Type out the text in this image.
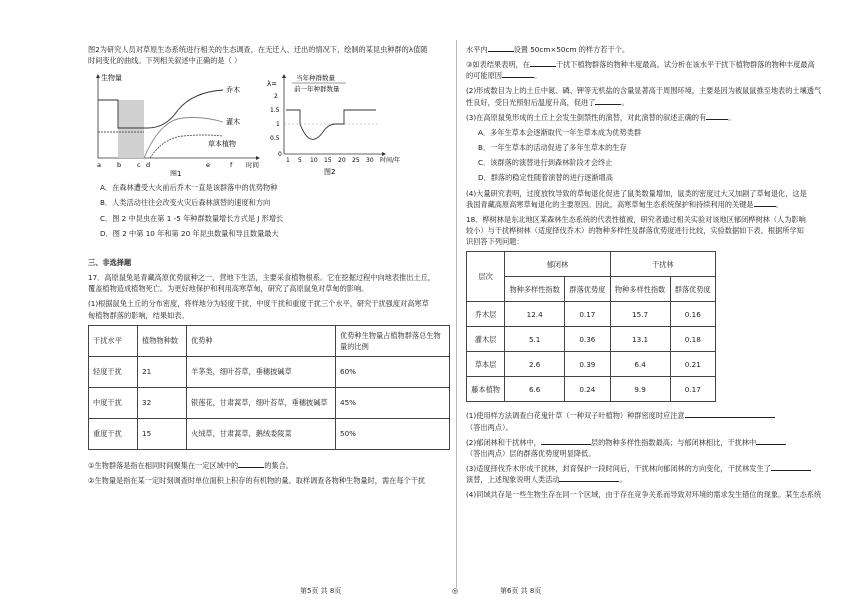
图2为研究人员对草原生态系统进行相关的生态调查，在无迁入、迁出的情况下，绘制的某昆虫种群的λ值随
时间变化的曲线。下列相关叙述中正确的是（ ）

生物量
乔木
灌木
草本植物
a b c d	e	f 时间
图1
λ=
当年种群数量
前一年种群数量
2
1.5
1
0.5
0
1 5 10 15 20 25 30 时间/年
图2

A．在森林遭受大火前后乔木一直是该群落中的优势物种

B．人类活动往往会改变火灾后森林演替的速度和方向

C．图 2 中昆虫在第 1 -5 年种群数量增长方式是 J 形增长

D．图 2 中第 10 年和第 20 年昆虫数量和导且数量最大

三、非选择题

17．高原鼠兔是青藏高原优势鼠种之一，营地下生活，主要采食植物根系。它在挖掘过程中向地表推出土丘，
覆盖植物造成植物死亡。为更好地保护和利用高寒草甸，研究了高原鼠兔对草甸的影响。

(1)根据鼠兔土丘的分布密度，将样地分为轻度干扰、中度干扰和重度干扰三个水平，研究干扰强度对高寒草
甸植物群落的影响，结果如表。

干扰水平	植物物种数	优势种	优势种生物量占植物群落总生物量的比例
轻度干扰	21	羊茅类，细叶苔草，垂穗披碱草	60%
中度干扰	32	银莲花，甘肃蒿草，细叶苔草，垂穗披碱草	45%
重度干扰	15	火绒草，甘肃蒿草，鹅绒委陵菜	50%

①生物群落是指在相同时间聚集在一定区域中的	的集合。

②生物量是指在某一定时刻调查时单位面积上积存的有机物的量。取样调查各物种生物量时，需在每个干扰

水平内	设置 50cm×50cm 的样方若干个。

③如表结果表明，在	干扰下植物群落的物种丰度最高。试分析在该水平干扰下植物群落的物种丰度最高
的可能原因	。

(2)形成数目为上的土丘中氮、磷、钾等无机盐的含量显著高于周围环境，主要是因为被鼠鼠推至地表的土壤透气
性良好，受日光照射后温度升高，促进了	。

(3)在高原鼠兔形成的土丘上会发生倒禁性的演替，对此演替的叙述正确的有	。

A．多年生草本会逐渐取代一年生草本成为优势类群

B．一年生草本的活动促进了多年生草本的生存

C．该群落的演替进行到森林阶段才会终止

D．群落的稳定性随着演替的进行逐渐增高

(4)大量研究表明，过度放牧导致的草甸退化促进了鼠类数量增加，鼠类的密度过大又加剧了草甸退化，这是
我国青藏高原高寒草甸退化的主要原因。因此，高寒草甸生态系统保护和持续利用的关键是	。

18．桦树林是东北地区某森林生态系统的代表性植被，研究者通过相关实验对该地区郁闭桦树林（人为影响
较小）与干扰桦树林（适度择伐乔木）的物种多样性及群落优势度进行比较，实验数据如下表。根据所学知
识回答下列问题：

层次	郁闭林		干扰林	
	物种多样性指数	群落优势度	物种多样性指数	群落优势度
乔木层	12.4	0.17	15.7	0.16
灌木层	5.1	0.36	13.1	0.18
草本层	2.6	0.39	6.4	0.21
藤本植物	6.6	0.24	9.9	0.17

(1)使用样方法调查白花鬼针草（一种双子叶植物）种群密度时应注意
（答出两点）。

(2)郁闭林和干扰林中，	层的物种多样性指数最高；与郁闭林相比，干扰林中
（答出两点）层的群落优势度明显降低。

(3)适度择伐乔木形成干扰林，封育保护一段时间后，干扰林向郁闭林的方向变化，干扰林发生了
演替，上述现象说明人类活动	。

(4)同域共存是一些生物生存在同一个区域，由于存在竞争关系而导致对环境的需求发生错位的现象。某生态系统

第5页 共 8页	◎	第6页 共 8页
